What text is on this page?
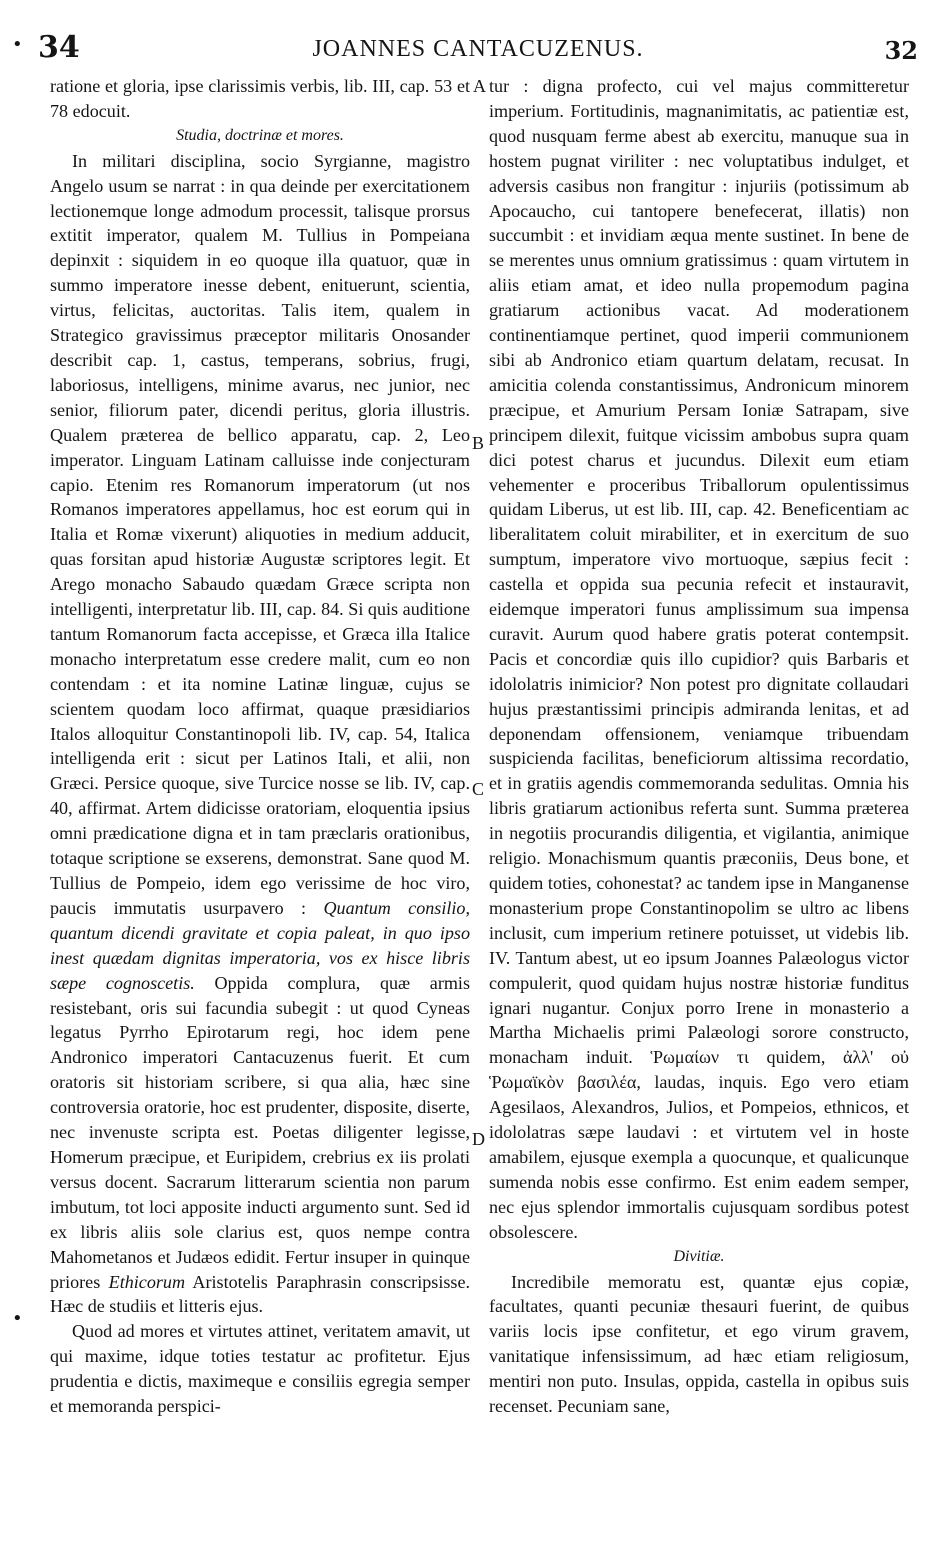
•
•
34	JOANNES CANTACUZENUS.	32
A
B
C
D

ratione et gloria, ipse clarissimis verbis, lib. III, cap. 53 et 78 edocuit.

Studia, doctrinæ et mores.

In militari disciplina, socio Syrgianne, magistro Angelo usum se narrat : in qua deinde per exercitationem lectionemque longe admodum processit, talisque prorsus extitit imperator, qualem M. Tullius in Pompeiana depinxit : siquidem in eo quoque illa quatuor, quæ in summo imperatore inesse debent, enituerunt, scientia, virtus, felicitas, auctoritas. Talis item, qualem in Strategico gravissimus præceptor militaris Onosander describit cap. 1, castus, temperans, sobrius, frugi, laboriosus, intelligens, minime avarus, nec junior, nec senior, filiorum pater, dicendi peritus, gloria illustris. Qualem præterea de bellico apparatu, cap. 2, Leo imperator. Linguam Latinam calluisse inde conjecturam capio. Etenim res Romanorum imperatorum (ut nos Romanos imperatores appellamus, hoc est eorum qui in Italia et Romæ vixerunt) aliquoties in medium adducit, quas forsitan apud historiæ Augustæ scriptores legit. Et Arego monacho Sabaudo quædam Græce scripta non intelligenti, interpretatur lib. III, cap. 84. Si quis auditione tantum Romanorum facta accepisse, et Græca illa Italice monacho interpretatum esse credere malit, cum eo non contendam : et ita nomine Latinæ linguæ, cujus se scientem quodam loco affirmat, quaque præsidiarios Italos alloquitur Constantinopoli lib. IV, cap. 54, Italica intelligenda erit : sicut per Latinos Itali, et alii, non Græci. Persice quoque, sive Turcice nosse se lib. IV, cap. 40, affirmat. Artem didicisse oratoriam, eloquentia ipsius omni prædicatione digna et in tam præclaris orationibus, totaque scriptione se exserens, demonstrat. Sane quod M. Tullius de Pompeio, idem ego verissime de hoc viro, paucis immutatis usurpavero : Quantum consilio, quantum dicendi gravitate et copia paleat, in quo ipso inest quædam dignitas imperatoria, vos ex hisce libris sæpe cognoscetis. Oppida complura, quæ armis resistebant, oris sui facundia subegit : ut quod Cyneas legatus Pyrrho Epirotarum regi, hoc idem pene Andronico imperatori Cantacuzenus fuerit. Et cum oratoris sit historiam scribere, si qua alia, hæc sine controversia oratorie, hoc est prudenter, disposite, diserte, nec invenuste scripta est. Poetas diligenter legisse, Homerum præcipue, et Euripidem, crebrius ex iis prolati versus docent. Sacrarum litterarum scientia non parum imbutum, tot loci apposite inducti argumento sunt. Sed id ex libris aliis sole clarius est, quos nempe contra Mahometanos et Judæos edidit. Fertur insuper in quinque priores Ethicorum Aristotelis Paraphrasin conscripsisse. Hæc de studiis et litteris ejus.

Quod ad mores et virtutes attinet, veritatem amavit, ut qui maxime, idque toties testatur ac profitetur. Ejus prudentia e dictis, maximeque e consiliis egregia semper et memoranda perspici-

tur : digna profecto, cui vel majus committeretur imperium. Fortitudinis, magnanimitatis, ac patientiæ est, quod nusquam ferme abest ab exercitu, manuque sua in hostem pugnat viriliter : nec voluptatibus indulget, et adversis casibus non frangitur : injuriis (potissimum ab Apocaucho, cui tantopere benefecerat, illatis) non succumbit : et invidiam æqua mente sustinet. In bene de se merentes unus omnium gratissimus : quam virtutem in aliis etiam amat, et ideo nulla propemodum pagina gratiarum actionibus vacat. Ad moderationem continentiamque pertinet, quod imperii communionem sibi ab Andronico etiam quartum delatam, recusat. In amicitia colenda constantissimus, Andronicum minorem præcipue, et Amurium Persam Ioniæ Satrapam, sive principem dilexit, fuitque vicissim ambobus supra quam dici potest charus et jucundus. Dilexit eum etiam vehementer e proceribus Triballorum opulentissimus quidam Liberus, ut est lib. III, cap. 42. Beneficentiam ac liberalitatem coluit mirabiliter, et in exercitum de suo sumptum, imperatore vivo mortuoque, sæpius fecit : castella et oppida sua pecunia refecit et instauravit, eidemque imperatori funus amplissimum sua impensa curavit. Aurum quod habere gratis poterat contempsit. Pacis et concordiæ quis illo cupidior? quis Barbaris et idololatris inimicior? Non potest pro dignitate collaudari hujus præstantissimi principis admiranda lenitas, et ad deponendam offensionem, veniamque tribuendam suspicienda facilitas, beneficiorum altissima recordatio, et in gratiis agendis commemoranda sedulitas. Omnia his libris gratiarum actionibus referta sunt. Summa præterea in negotiis procurandis diligentia, et vigilantia, animique religio. Monachismum quantis præconiis, Deus bone, et quidem toties, cohonestat? ac tandem ipse in Manganense monasterium prope Constantinopolim se ultro ac libens inclusit, cum imperium retinere potuisset, ut videbis lib. IV. Tantum abest, ut eo ipsum Joannes Palæologus victor compulerit, quod quidam hujus nostræ historiæ funditus ignari nugantur. Conjux porro Irene in monasterio a Martha Michaelis primi Palæologi sorore constructo, monacham induit. Ῥωμαίων τι quidem, ἀλλ' οὐ Ῥωμαϊκὸν βασιλέα, laudas, inquis. Ego vero etiam Agesilaos, Alexandros, Julios, et Pompeios, ethnicos, et idololatras sæpe laudavi : et virtutem vel in hoste amabilem, ejusque exempla a quocunque, et qualicunque sumenda nobis esse confirmo. Est enim eadem semper, nec ejus splendor immortalis cujusquam sordibus potest obsolescere.

Divitiæ.

Incredibile memoratu est, quantæ ejus copiæ, facultates, quanti pecuniæ thesauri fuerint, de quibus variis locis ipse confitetur, et ego virum gravem, vanitatique infensissimum, ad hæc etiam religiosum, mentiri non puto. Insulas, oppida, castella in opibus suis recenset. Pecuniam sane,
